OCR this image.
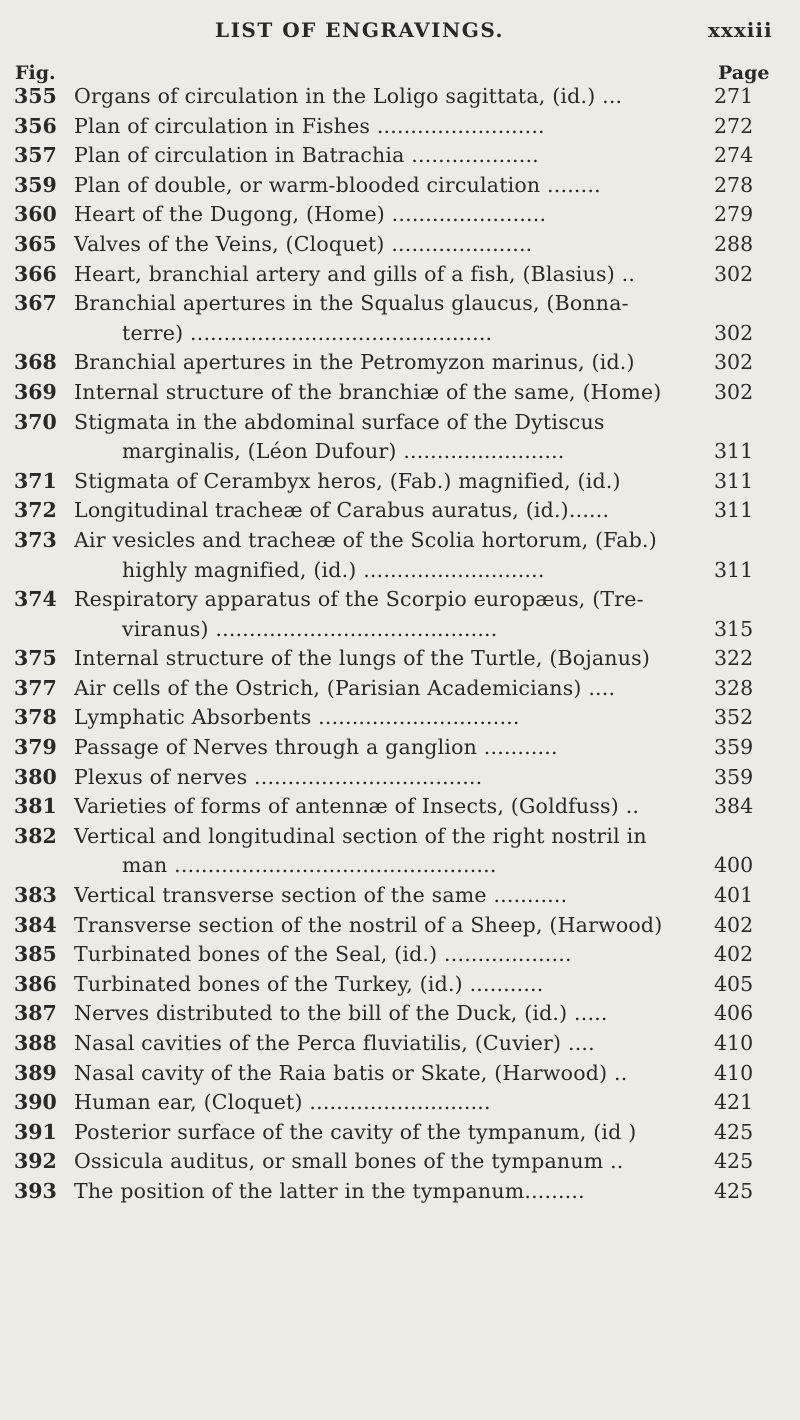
LIST OF ENGRAVINGS.	xxxiii
Fig.	Page
355 Organs of circulation in the Loligo sagittata, (id.) ...	271
356 Plan of circulation in Fishes .........................	272
357 Plan of circulation in Batrachia ...................	274
359 Plan of double, or warm-blooded circulation ........	278
360 Heart of the Dugong, (Home) .......................	279
365 Valves of the Veins, (Cloquet) .....................	288
366 Heart, branchial artery and gills of a fish, (Blasius) ..	302
367 Branchial apertures in the Squalus glaucus, (Bonna-
terre) .............................................	302
368 Branchial apertures in the Petromyzon marinus, (id.)	302
369 Internal structure of the branchiæ of the same, (Home)	302
370 Stigmata in the abdominal surface of the Dytiscus
marginalis, (Léon Dufour) ........................	311
371 Stigmata of Cerambyx heros, (Fab.) magnified, (id.)	311
372 Longitudinal tracheæ of Carabus auratus, (id.)......	311
373 Air vesicles and tracheæ of the Scolia hortorum, (Fab.)
highly magnified, (id.) ...........................	311
374 Respiratory apparatus of the Scorpio europæus, (Tre-
viranus) ..........................................	315
375 Internal structure of the lungs of the Turtle, (Bojanus)	322
377 Air cells of the Ostrich, (Parisian Academicians) ....	328
378 Lymphatic Absorbents ..............................	352
379 Passage of Nerves through a ganglion ...........	359
380 Plexus of nerves ..................................	359
381 Varieties of forms of antennæ of Insects, (Goldfuss) ..	384
382 Vertical and longitudinal section of the right nostril in
man ................................................	400
383 Vertical transverse section of the same ...........	401
384 Transverse section of the nostril of a Sheep, (Harwood)	402
385 Turbinated bones of the Seal, (id.) ...................	402
386 Turbinated bones of the Turkey, (id.) ...........	405
387 Nerves distributed to the bill of the Duck, (id.) .....	406
388 Nasal cavities of the Perca fluviatilis, (Cuvier) ....	410
389 Nasal cavity of the Raia batis or Skate, (Harwood) ..	410
390 Human ear, (Cloquet) ...........................	421
391 Posterior surface of the cavity of the tympanum, (id )	425
392 Ossicula auditus, or small bones of the tympanum ..	425
393 The position of the latter in the tympanum.........	425
